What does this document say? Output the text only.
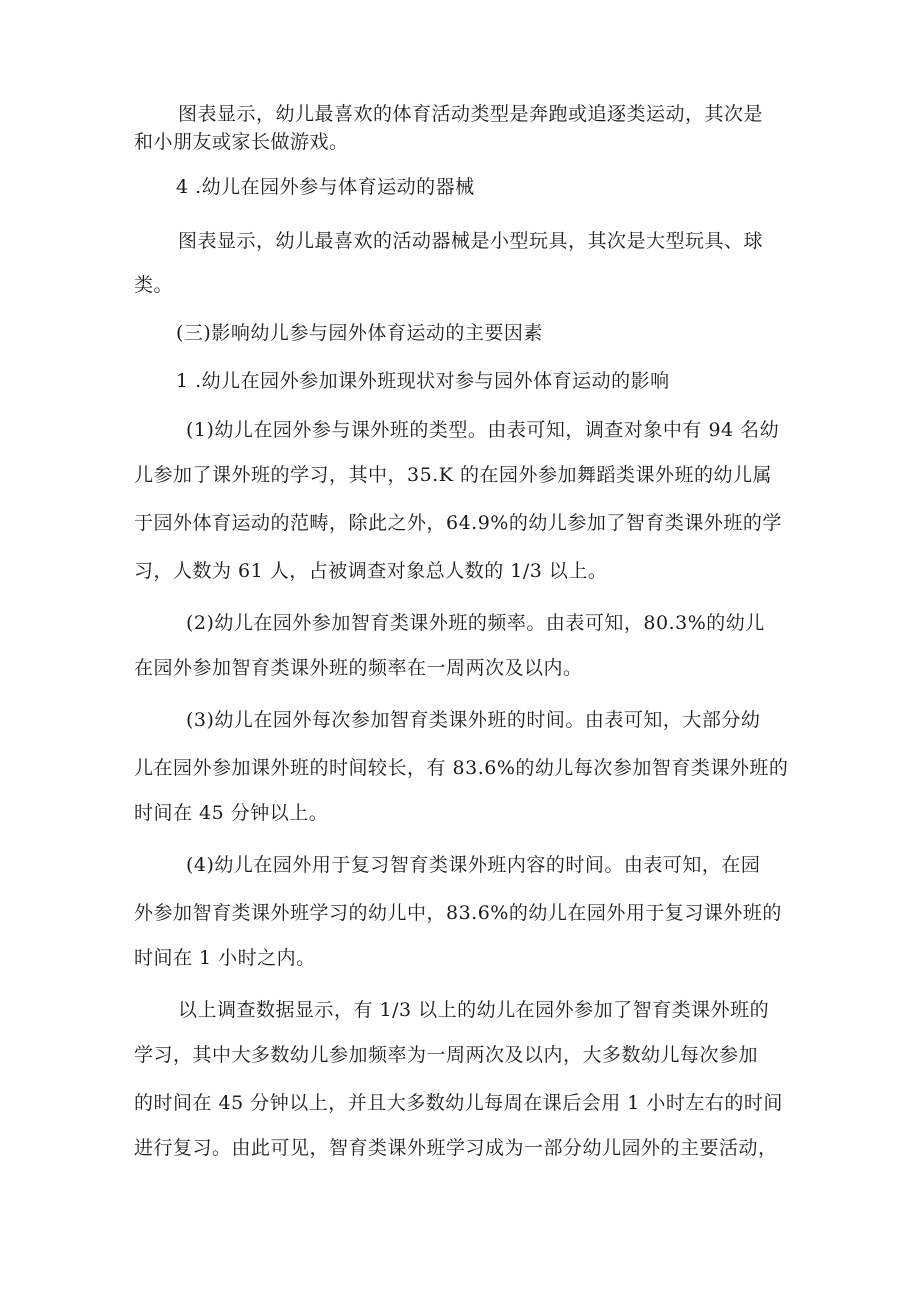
图表显示，幼儿最喜欢的体育活动类型是奔跑或追逐类运动，其次是
和小朋友或家长做游戏。
4 .幼儿在园外参与体育运动的器械
图表显示，幼儿最喜欢的活动器械是小型玩具，其次是大型玩具、球
类。
(三)影响幼儿参与园外体育运动的主要因素
1 .幼儿在园外参加课外班现状对参与园外体育运动的影响
(1)幼儿在园外参与课外班的类型。由表可知，调查对象中有 94 名幼
儿参加了课外班的学习，其中，35.K 的在园外参加舞蹈类课外班的幼儿属
于园外体育运动的范畴，除此之外，64.9%的幼儿参加了智育类课外班的学
习，人数为 61 人，占被调查对象总人数的 1/3 以上。
(2)幼儿在园外参加智育类课外班的频率。由表可知，80.3%的幼儿
在园外参加智育类课外班的频率在一周两次及以内。
(3)幼儿在园外每次参加智育类课外班的时间。由表可知，大部分幼
儿在园外参加课外班的时间较长，有 83.6%的幼儿每次参加智育类课外班的
时间在 45 分钟以上。
(4)幼儿在园外用于复习智育类课外班内容的时间。由表可知，在园
外参加智育类课外班学习的幼儿中，83.6%的幼儿在园外用于复习课外班的
时间在 1 小时之内。
以上调查数据显示，有 1/3 以上的幼儿在园外参加了智育类课外班的
学习，其中大多数幼儿参加频率为一周两次及以内，大多数幼儿每次参加
的时间在 45 分钟以上，并且大多数幼儿每周在课后会用 1 小时左右的时间
进行复习。由此可见，智育类课外班学习成为一部分幼儿园外的主要活动，
